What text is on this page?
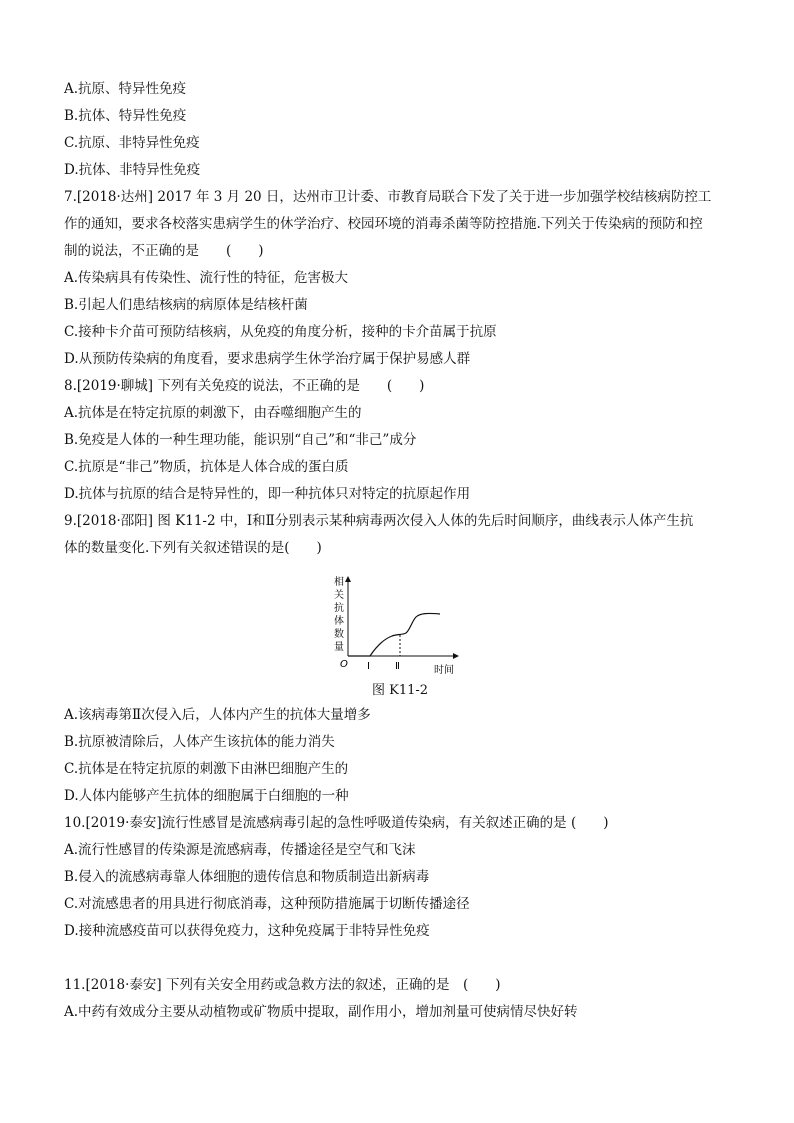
A.抗原、特异性免疫
B.抗体、特异性免疫
C.抗原、非特异性免疫
D.抗体、非特异性免疫
7.[2018·达州] 2017 年 3 月 20 日，达州市卫计委、市教育局联合下发了关于进一步加强学校结核病防控工
作的通知，要求各校落实患病学生的休学治疗、校园环境的消毒杀菌等防控措施.下列关于传染病的预防和控
制的说法，不正确的是　　(　　)
A.传染病具有传染性、流行性的特征，危害极大
B.引起人们患结核病的病原体是结核杆菌
C.接种卡介苗可预防结核病，从免疫的角度分析，接种的卡介苗属于抗原
D.从预防传染病的角度看，要求患病学生休学治疗属于保护易感人群
8.[2019·聊城] 下列有关免疫的说法，不正确的是　　(　　)
A.抗体是在特定抗原的刺激下，由吞噬细胞产生的
B.免疫是人体的一种生理功能，能识别“自己”和“非己”成分
C.抗原是“非己”物质，抗体是人体合成的蛋白质
D.抗体与抗原的结合是特异性的，即一种抗体只对特定的抗原起作用
9.[2018·邵阳] 图 K11-2 中，Ⅰ和Ⅱ分别表示某种病毒两次侵入人体的先后时间顺序，曲线表示人体产生抗
体的数量变化.下列有关叙述错误的是(　　)
A.该病毒第Ⅱ次侵入后，人体内产生的抗体大量增多
B.抗原被清除后，人体产生该抗体的能力消失
C.抗体是在特定抗原的刺激下由淋巴细胞产生的
D.人体内能够产生抗体的细胞属于白细胞的一种
10.[2019·泰安]流行性感冒是流感病毒引起的急性呼吸道传染病，有关叙述正确的是 (　　)
A.流行性感冒的传染源是流感病毒，传播途径是空气和飞沫
B.侵入的流感病毒靠人体细胞的遗传信息和物质制造出新病毒
C.对流感患者的用具进行彻底消毒，这种预防措施属于切断传播途径
D.接种流感疫苗可以获得免疫力，这种免疫属于非特异性免疫
11.[2018·泰安] 下列有关安全用药或急救方法的叙述，正确的是　(　　)
A.中药有效成分主要从动植物或矿物质中提取，副作用小，增加剂量可使病情尽快好转
相
关
抗
体
数
量
O Ⅰ	Ⅱ	时间
图 K11-2
